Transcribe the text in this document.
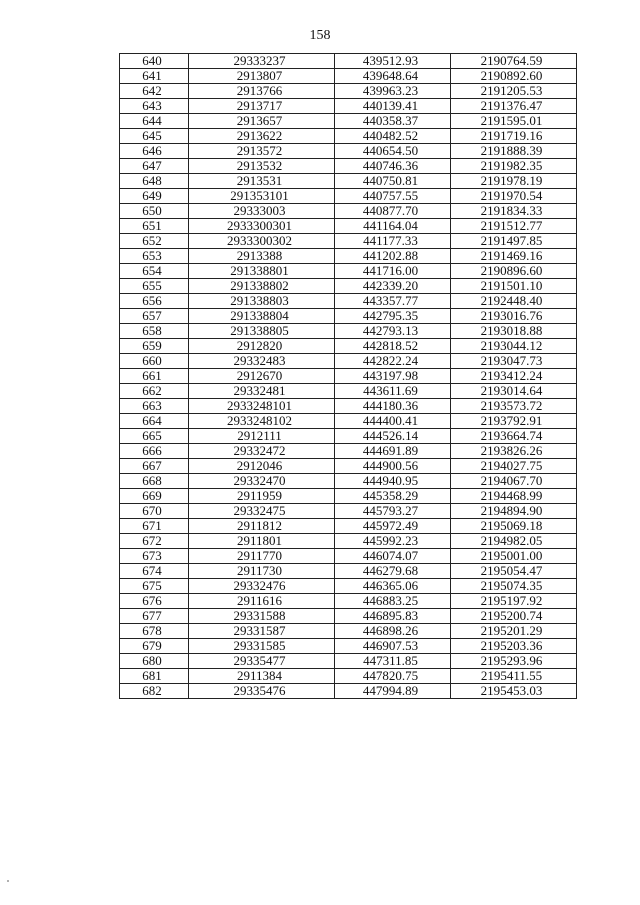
158
640	29333237	439512.93	2190764.59
641	2913807	439648.64	2190892.60
642	2913766	439963.23	2191205.53
643	2913717	440139.41	2191376.47
644	2913657	440358.37	2191595.01
645	2913622	440482.52	2191719.16
646	2913572	440654.50	2191888.39
647	2913532	440746.36	2191982.35
648	2913531	440750.81	2191978.19
649	291353101	440757.55	2191970.54
650	29333003	440877.70	2191834.33
651	2933300301	441164.04	2191512.77
652	2933300302	441177.33	2191497.85
653	2913388	441202.88	2191469.16
654	291338801	441716.00	2190896.60
655	291338802	442339.20	2191501.10
656	291338803	443357.77	2192448.40
657	291338804	442795.35	2193016.76
658	291338805	442793.13	2193018.88
659	2912820	442818.52	2193044.12
660	29332483	442822.24	2193047.73
661	2912670	443197.98	2193412.24
662	29332481	443611.69	2193014.64
663	2933248101	444180.36	2193573.72
664	2933248102	444400.41	2193792.91
665	2912111	444526.14	2193664.74
666	29332472	444691.89	2193826.26
667	2912046	444900.56	2194027.75
668	29332470	444940.95	2194067.70
669	2911959	445358.29	2194468.99
670	29332475	445793.27	2194894.90
671	2911812	445972.49	2195069.18
672	2911801	445992.23	2194982.05
673	2911770	446074.07	2195001.00
674	2911730	446279.68	2195054.47
675	29332476	446365.06	2195074.35
676	2911616	446883.25	2195197.92
677	29331588	446895.83	2195200.74
678	29331587	446898.26	2195201.29
679	29331585	446907.53	2195203.36
680	29335477	447311.85	2195293.96
681	2911384	447820.75	2195411.55
682	29335476	447994.89	2195453.03
